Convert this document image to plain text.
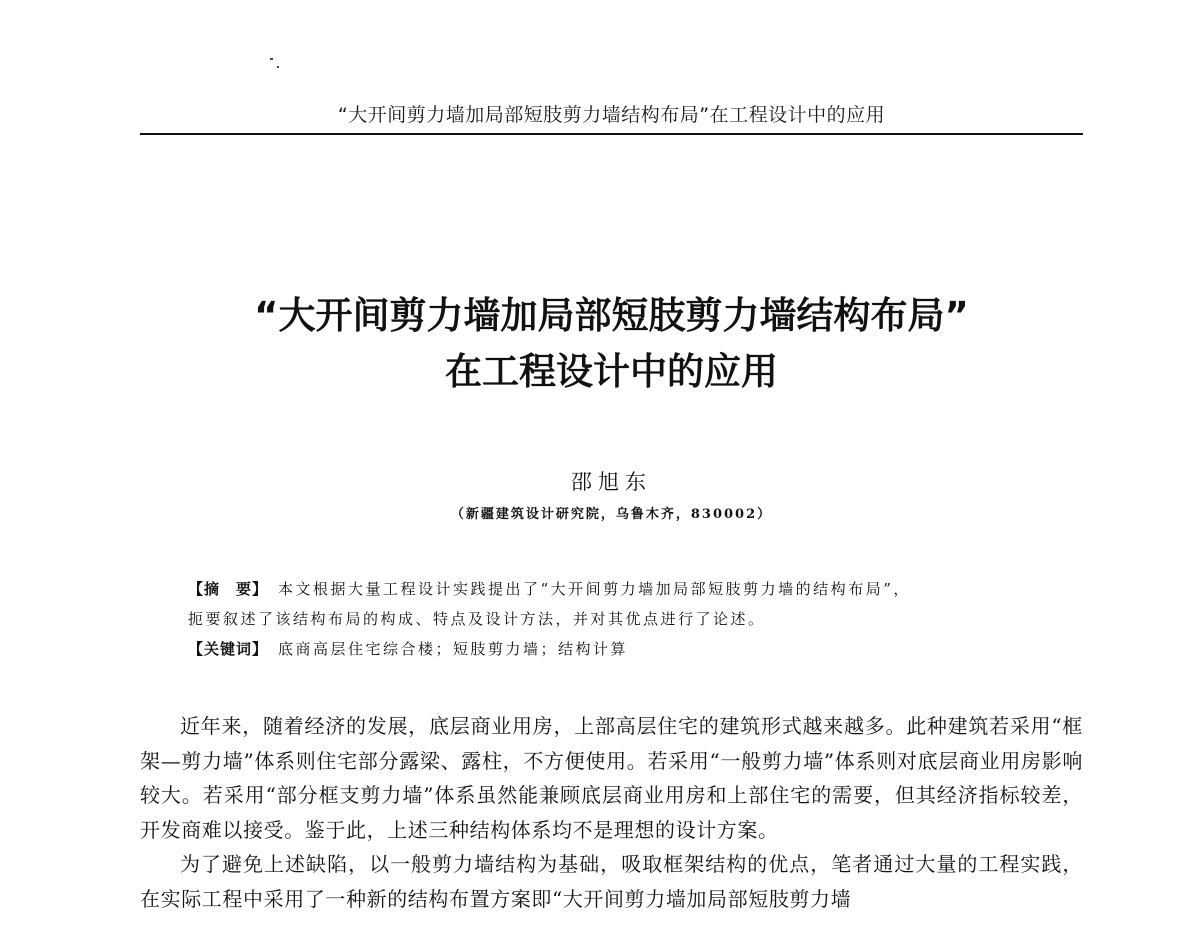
“大开间剪力墙加局部短肢剪力墙结构布局”在工程设计中的应用
“大开间剪力墙加局部短肢剪力墙结构布局”
在工程设计中的应用
邵旭东
（新疆建筑设计研究院，乌鲁木齐，830002）
【摘　要】 本文根据大量工程设计实践提出了“大开间剪力墙加局部短肢剪力墙的结构布局”，
扼要叙述了该结构布局的构成、特点及设计方法，并对其优点进行了论述。
【关键词】 底商高层住宅综合楼；短肢剪力墙；结构计算

近年来，随着经济的发展，底层商业用房，上部高层住宅的建筑形式越来越多。此种建筑若采用“框架—剪力墙”体系则住宅部分露梁、露柱，不方便使用。若采用“一般剪力墙”体系则对底层商业用房影响较大。若采用“部分框支剪力墙”体系虽然能兼顾底层商业用房和上部住宅的需要，但其经济指标较差，开发商难以接受。鉴于此，上述三种结构体系均不是理想的设计方案。

为了避免上述缺陷，以一般剪力墙结构为基础，吸取框架结构的优点，笔者通过大量的工程实践，在实际工程中采用了一种新的结构布置方案即“大开间剪力墙加局部短肢剪力墙
